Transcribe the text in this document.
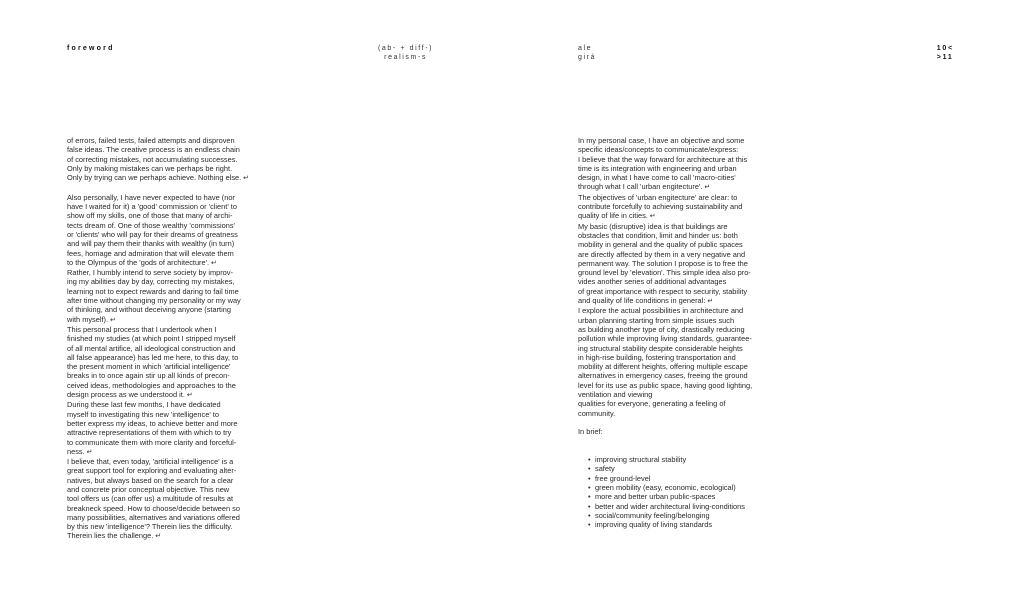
foreword	(ab- + diff-)
realism-s
ale
girá
10<
>11
of errors, failed tests, failed attempts and disproven
false ideas. The creative process is an endless chain
of correcting mistakes, not accumulating successes.
Only by making mistakes can we perhaps be right.
Only by trying can we perhaps achieve. Nothing else. ↵
Also personally, I have never expected to have (nor
have I waited for it) a 'good' commission or 'client' to
show off my skills, one of those that many of archi-
tects dream of. One of those wealthy 'commissions'
or 'clients' who will pay for their dreams of greatness
and will pay them their thanks with wealthy (in turn)
fees, homage and admiration that will elevate them
to the Olympus of the 'gods of architecture'. ↵
Rather, I humbly intend to serve society by improv-
ing my abilities day by day, correcting my mistakes,
learning not to expect rewards and daring to fail time
after time without changing my personality or my way
of thinking, and without deceiving anyone (starting
with myself). ↵
This personal process that I undertook when I
finished my studies (at which point I stripped myself
of all mental artifice, all ideological construction and
all false appearance) has led me here, to this day, to
the present moment in which 'artificial intelligence'
breaks in to once again stir up all kinds of precon-
ceived ideas, methodologies and approaches to the
design process as we understood it. ↵
During these last few months, I have dedicated
myself to investigating this new 'intelligence' to
better express my ideas, to achieve better and more
attractive representations of them with which to try
to communicate them with more clarity and forceful-
ness. ↵
I believe that, even today, 'artificial intelligence' is a
great support tool for exploring and evaluating alter-
natives, but always based on the search for a clear
and concrete prior conceptual objective. This new
tool offers us (can offer us) a multitude of results at
breakneck speed. How to choose/decide between so
many possibilities, alternatives and variations offered
by this new 'intelligence'? Therein lies the difficulty.
Therein lies the challenge. ↵
In my personal case, I have an objective and some
specific ideas/concepts to communicate/express:
I believe that the way forward for architecture at this
time is its integration with engineering and urban
design, in what I have come to call 'macro-cities'
through what I call 'urban engitecture'. ↵
The objectives of 'urban engitecture' are clear: to
contribute forcefully to achieving sustainability and
quality of life in cities. ↵
My basic (disruptive) idea is that buildings are
obstacles that condition, limit and hinder us: both
mobility in general and the quality of public spaces
are directly affected by them in a very negative and
permanent way. The solution I propose is to free the
ground level by 'elevation'. This simple idea also pro-
vides another series of additional advantages
of great importance with respect to security, stability
and quality of life conditions in general: ↵
I explore the actual possibilities in architecture and
urban planning starting from simple issues such
as building another type of city, drastically reducing
pollution while improving living standards, guarantee-
ing structural stability despite considerable heights
in high-rise building, fostering transportation and
mobility at different heights, offering multiple escape
alternatives in emergency cases, freeing the ground
level for its use as public space, having good lighting,
ventilation and viewing
qualities for everyone, generating a feeling of
community.
In brief:
• improving structural stability
• safety
• free ground-level
• green mobility (easy, economic, ecological)
• more and better urban public-spaces
• better and wider architectural living-conditions
• social/community feeling/belonging
• improving quality of living standards
